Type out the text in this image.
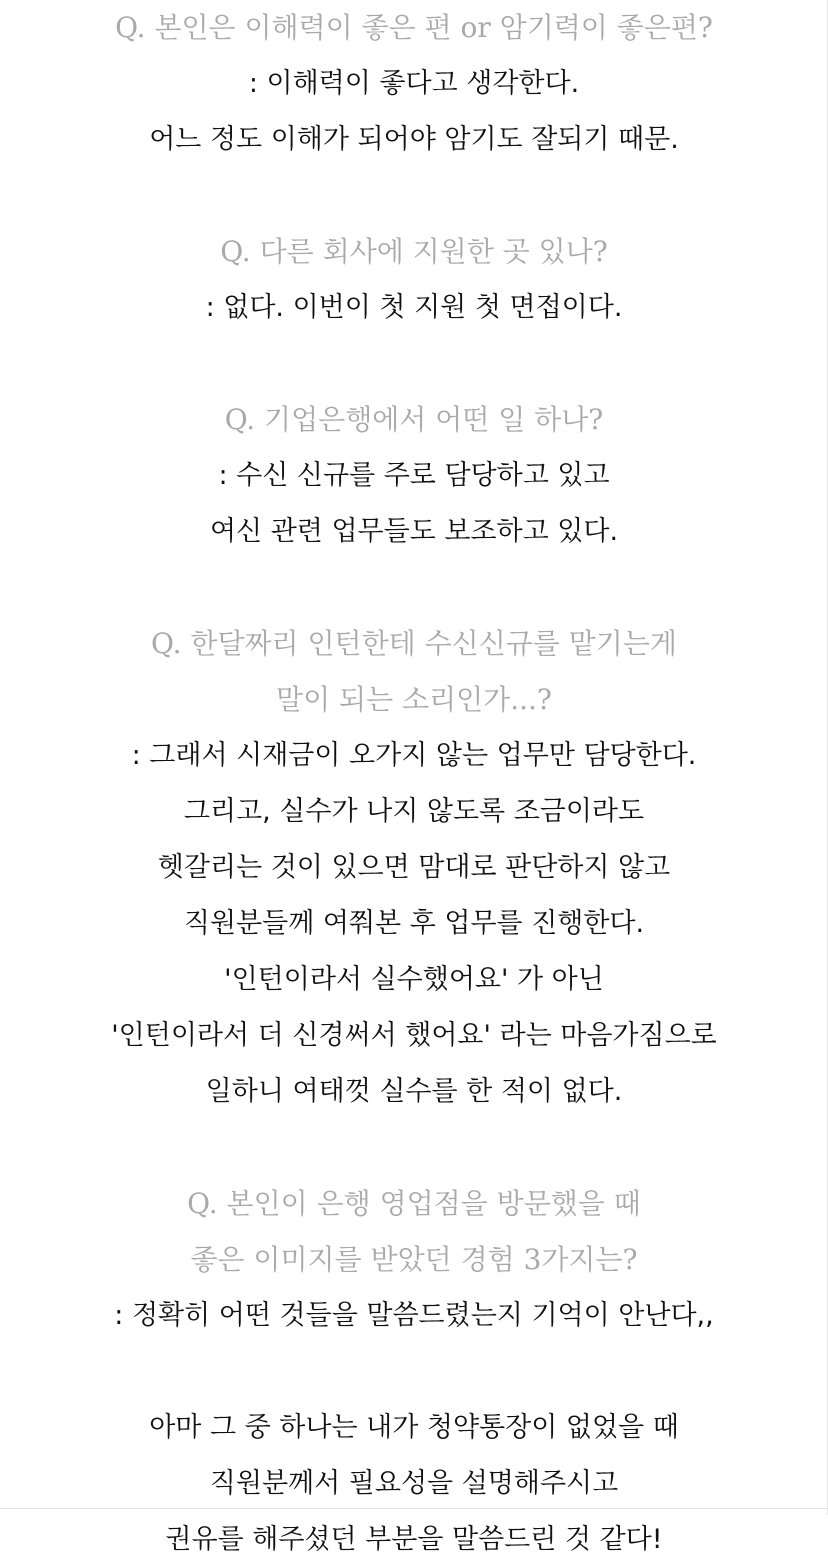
Q. 본인은 이해력이 좋은 편 or 암기력이 좋은편?
: 이해력이 좋다고 생각한다.
어느 정도 이해가 되어야 암기도 잘되기 때문.
Q. 다른 회사에 지원한 곳 있나?
: 없다. 이번이 첫 지원 첫 면접이다.
Q. 기업은행에서 어떤 일 하나?
: 수신 신규를 주로 담당하고 있고
여신 관련 업무들도 보조하고 있다.
Q. 한달짜리 인턴한테 수신신규를 맡기는게
말이 되는 소리인가...?
: 그래서 시재금이 오가지 않는 업무만 담당한다.
그리고, 실수가 나지 않도록 조금이라도
헷갈리는 것이 있으면 맘대로 판단하지 않고
직원분들께 여쭤본 후 업무를 진행한다.
'인턴이라서 실수했어요' 가 아닌
'인턴이라서 더 신경써서 했어요' 라는 마음가짐으로
일하니 여태껏 실수를 한 적이 없다.
Q. 본인이 은행 영업점을 방문했을 때
좋은 이미지를 받았던 경험 3가지는?
: 정확히 어떤 것들을 말씀드렸는지 기억이 안난다,,
아마 그 중 하나는 내가 청약통장이 없었을 때
직원분께서 필요성을 설명해주시고
권유를 해주셨던 부분을 말씀드린 것 같다!
